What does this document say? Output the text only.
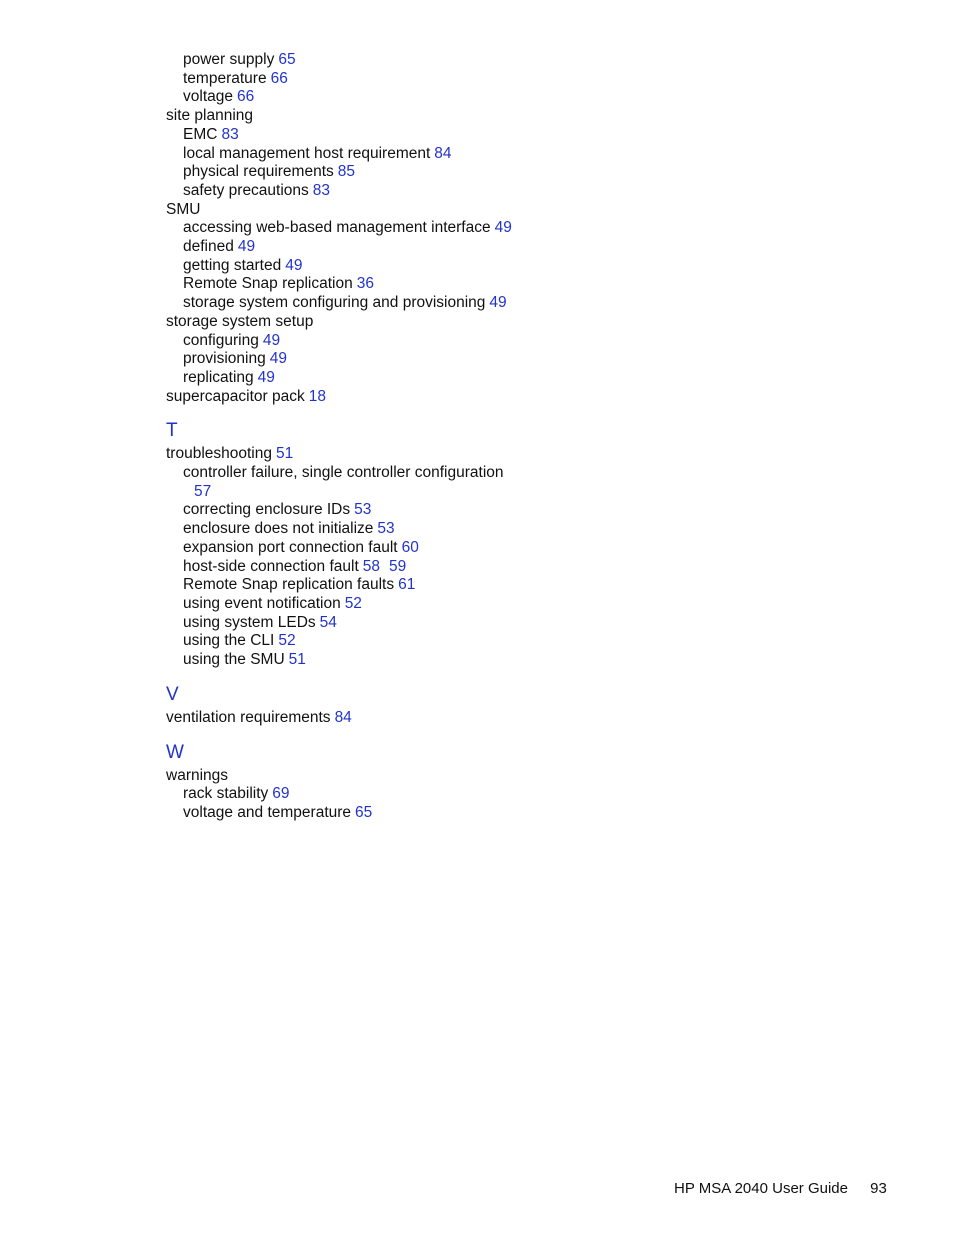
power supply 65
temperature 66
voltage 66
site planning
EMC 83
local management host requirement 84
physical requirements 85
safety precautions 83
SMU
accessing web-based management interface 49
defined 49
getting started 49
Remote Snap replication 36
storage system configuring and provisioning 49
storage system setup
configuring 49
provisioning 49
replicating 49
supercapacitor pack 18
T
troubleshooting 51
controller failure, single controller configuration
57
correcting enclosure IDs 53
enclosure does not initialize 53
expansion port connection fault 60
host-side connection fault 58 59
Remote Snap replication faults 61
using event notification 52
using system LEDs 54
using the CLI 52
using the SMU 51
V
ventilation requirements 84
W
warnings
rack stability 69
voltage and temperature 65
HP MSA 2040 User Guide 93
